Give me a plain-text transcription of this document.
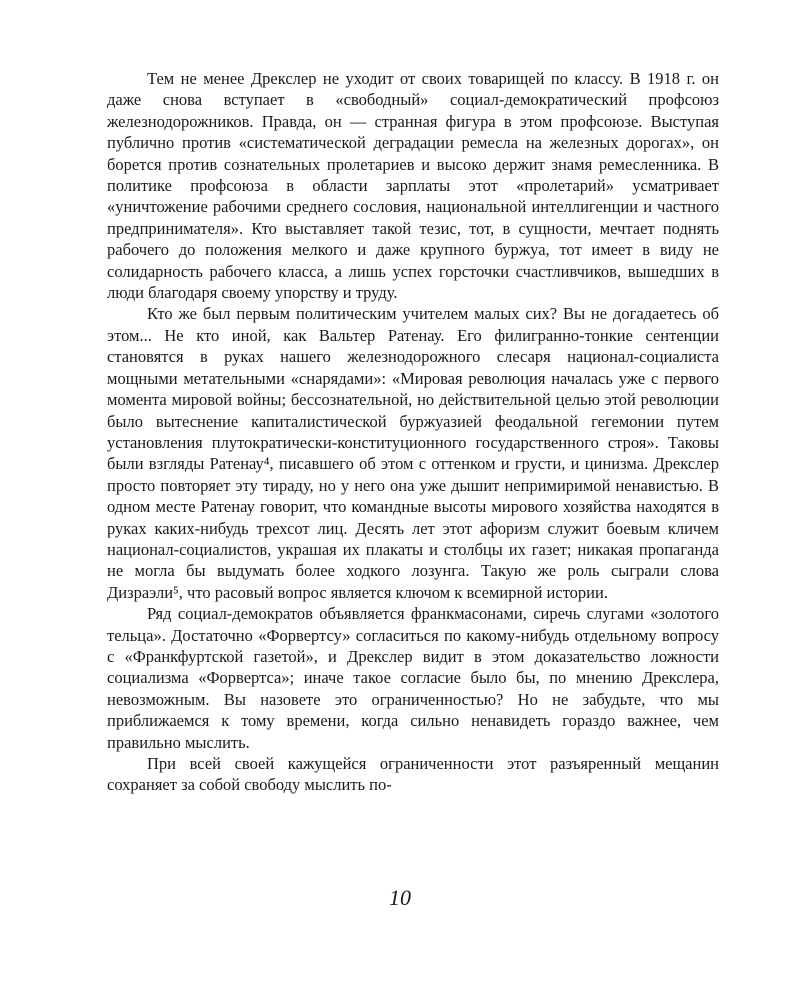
Тем не менее Дрекслер не уходит от своих товарищей по классу. В 1918 г. он даже снова вступает в «свободный» социал-демократический профсоюз железнодорожников. Правда, он — странная фигура в этом профсоюзе. Выступая публично против «систематической деградации ремесла на железных дорогах», он борется против сознательных пролетариев и высоко держит знамя ремесленника. В политике профсоюза в области зарплаты этот «пролетарий» усматривает «уничтожение рабочими среднего сословия, национальной интеллигенции и частного предпринимателя». Кто выставляет такой тезис, тот, в сущности, мечтает поднять рабочего до положения мелкого и даже крупного буржуа, тот имеет в виду не солидарность рабочего класса, а лишь успех горсточки счастливчиков, вышедших в люди благодаря своему упорству и труду.

Кто же был первым политическим учителем малых сих? Вы не догадаетесь об этом... Не кто иной, как Вальтер Ратенау. Его филигранно-тонкие сентенции становятся в руках нашего железнодорожного слесаря национал-социалиста мощными метательными «снарядами»: «Мировая революция началась уже с первого момента мировой войны; бессознательной, но действительной целью этой революции было вытеснение капиталистической буржуазией феодальной гегемонии путем установления плутократически-конституционного государственного строя». Таковы были взгляды Ратенау⁴, писавшего об этом с оттенком и грусти, и цинизма. Дрекслер просто повторяет эту тираду, но у него она уже дышит непримиримой ненавистью. В одном месте Ратенау говорит, что командные высоты мирового хозяйства находятся в руках каких-нибудь трехсот лиц. Десять лет этот афоризм служит боевым кличем национал-социалистов, украшая их плакаты и столбцы их газет; никакая пропаганда не могла бы выдумать более ходкого лозунга. Такую же роль сыграли слова Дизраэли⁵, что расовый вопрос является ключом к всемирной истории.

Ряд социал-демократов объявляется франкмасонами, сиречь слугами «золотого тельца». Достаточно «Форвертсу» согласиться по какому-нибудь отдельному вопросу с «Франкфуртской газетой», и Дрекслер видит в этом доказательство ложности социализма «Форвертса»; иначе такое согласие было бы, по мнению Дрекслера, невозможным. Вы назовете это ограниченностью? Но не забудьте, что мы приближаемся к тому времени, когда сильно ненавидеть гораздо важнее, чем правильно мыслить.

При всей своей кажущейся ограниченности этот разъяренный мещанин сохраняет за собой свободу мыслить по-

10
